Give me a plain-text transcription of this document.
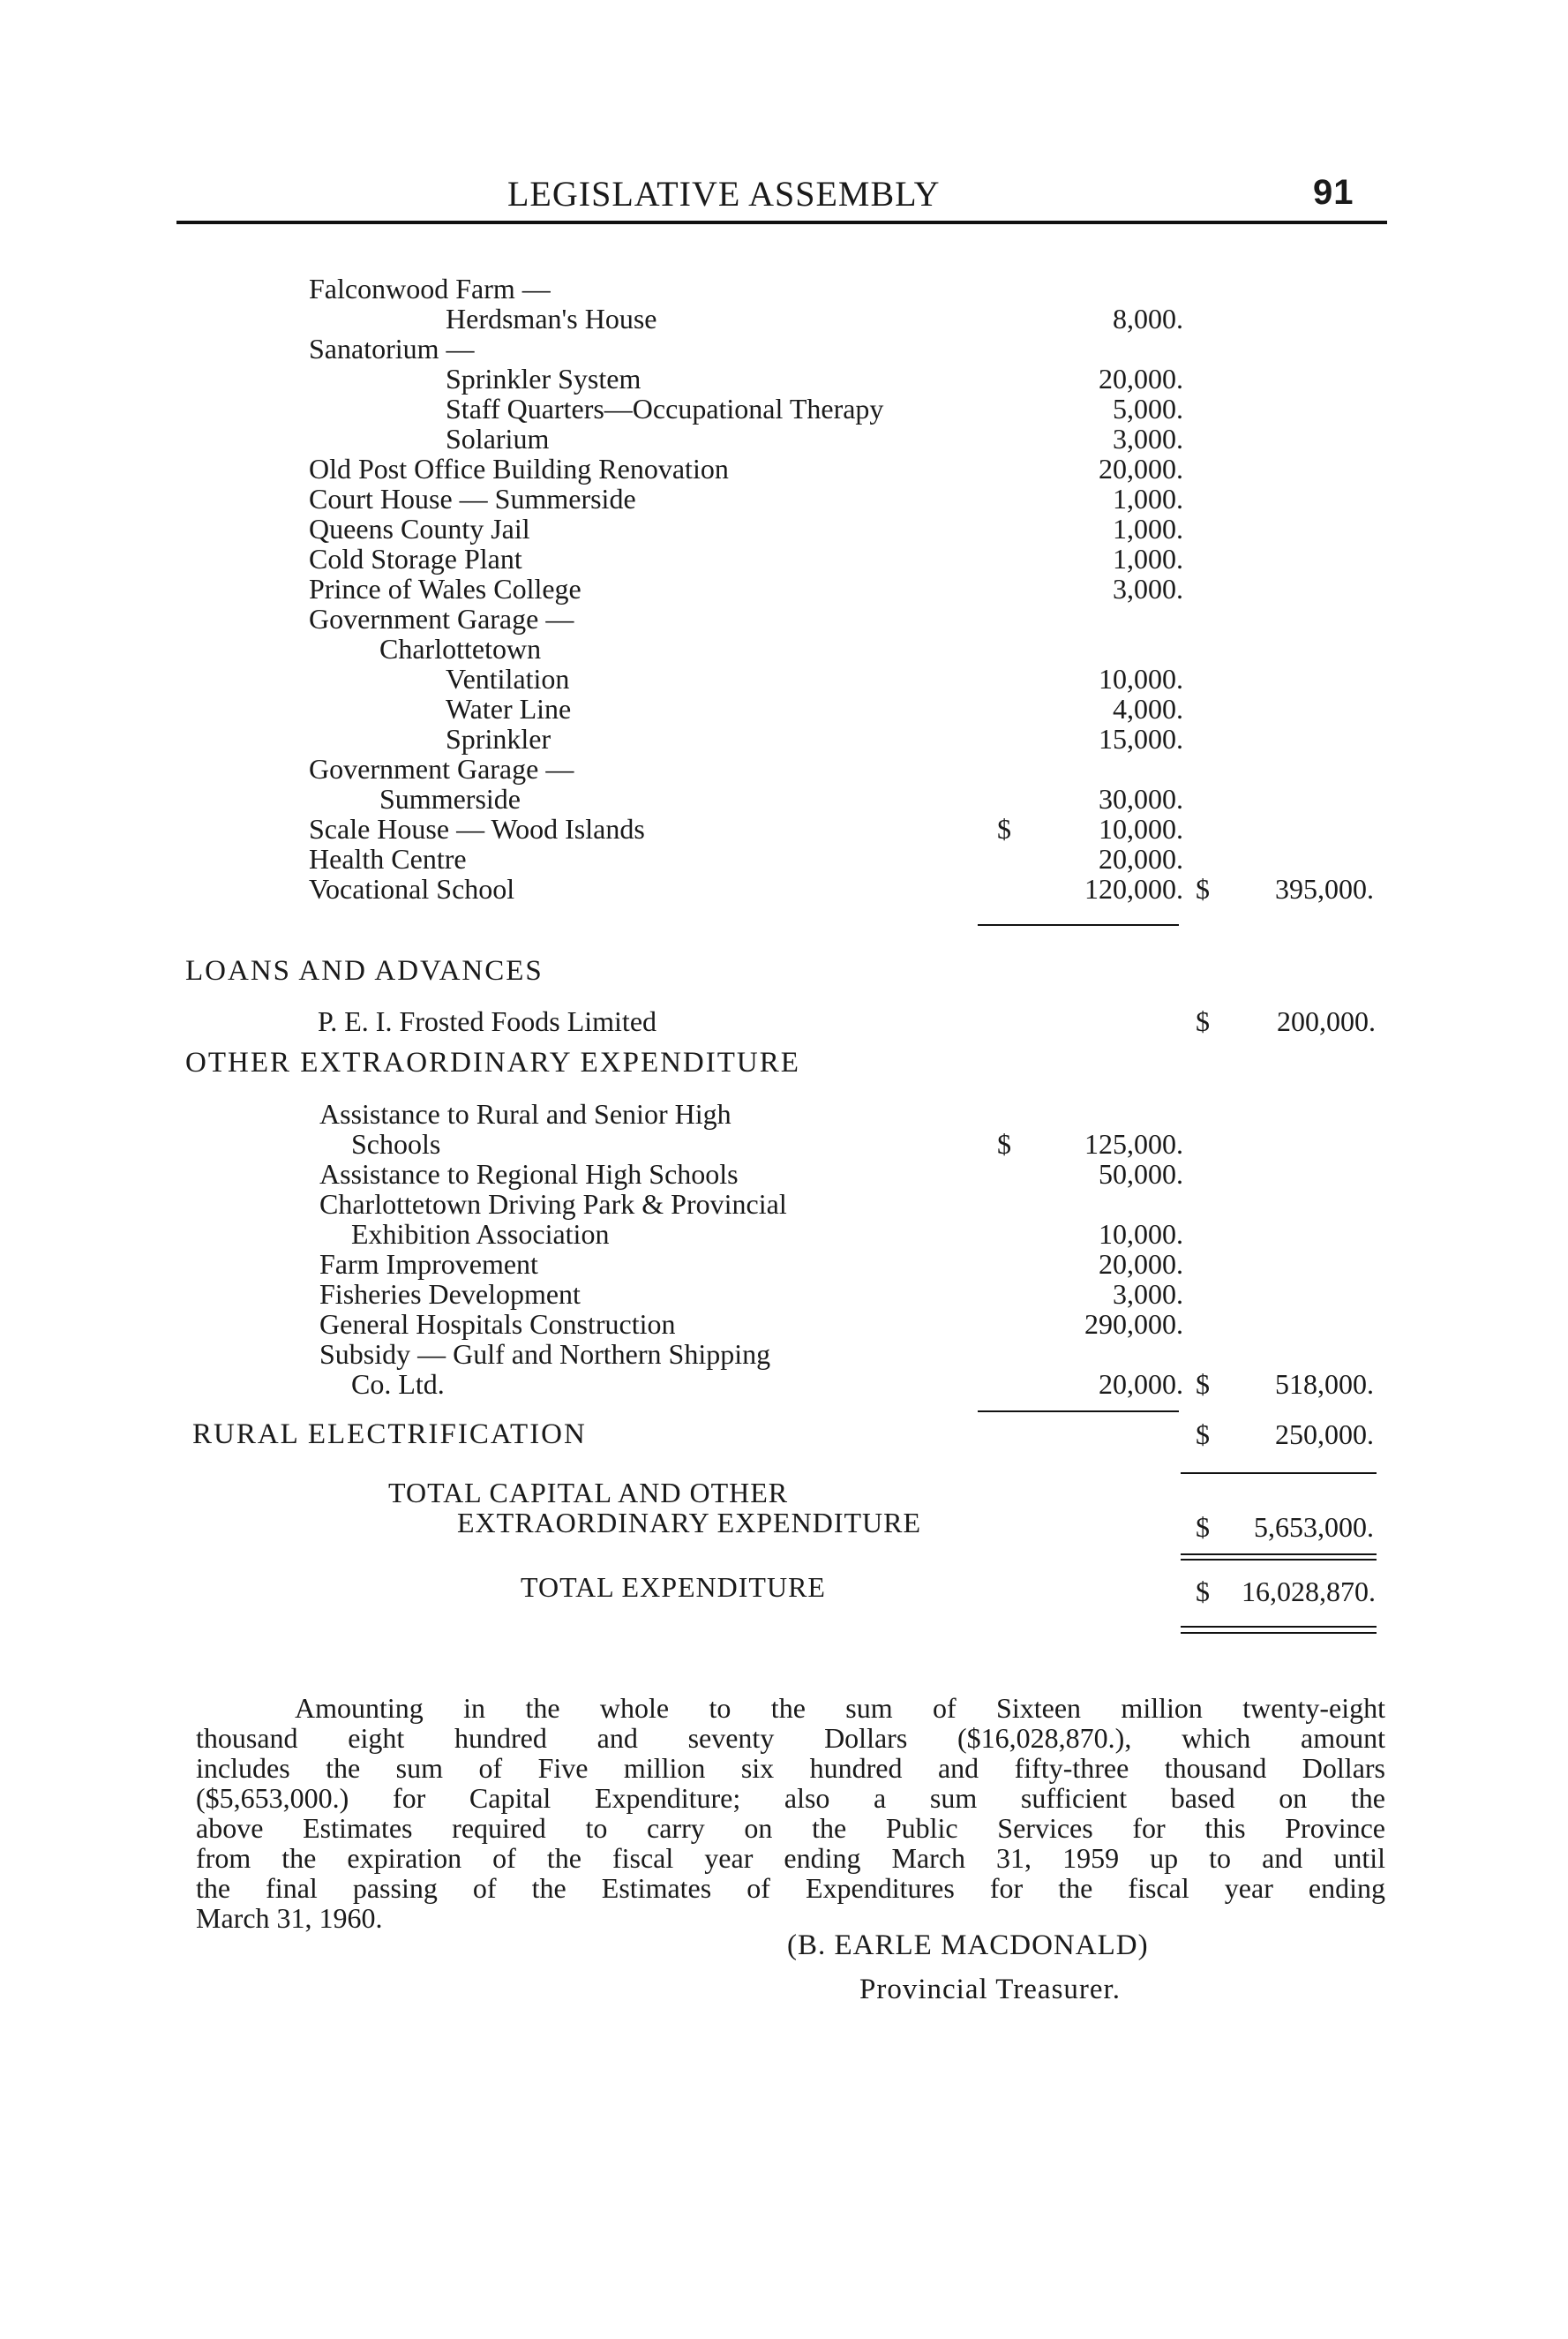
LEGISLATIVE ASSEMBLY	91
Falconwood Farm —
Herdsman's House	8,000.
Sanatorium —
Sprinkler System	20,000.
Staff Quarters—Occupational Therapy	5,000.
Solarium	3,000.
Old Post Office Building Renovation	20,000.
Court House — Summerside	1,000.
Queens County Jail	1,000.
Cold Storage Plant	1,000.
Prince of Wales College	3,000.
Government Garage —
Charlottetown
Ventilation	10,000.
Water Line	4,000.
Sprinkler	15,000.
Government Garage —
Summerside	30,000.
Scale House — Wood Islands	$	10,000.
Health Centre	20,000.
Vocational School	120,000. $ 395,000.
LOANS AND ADVANCES
P. E. I. Frosted Foods Limited	$ 200,000.
OTHER EXTRAORDINARY EXPENDITURE
Assistance to Rural and Senior High
Schools	$	125,000.
Assistance to Regional High Schools	50,000.
Charlottetown Driving Park & Provincial
Exhibition Association	10,000.
Farm Improvement	20,000.
Fisheries Development	3,000.
General Hospitals Construction	290,000.
Subsidy — Gulf and Northern Shipping
Co. Ltd.	20,000. $ 518,000.
RURAL ELECTRIFICATION	$ 250,000.
TOTAL CAPITAL AND OTHER
EXTRAORDINARY EXPENDITURE	$ 5,653,000.
TOTAL EXPENDITURE	$ 16,028,870.
Amounting in the whole to the sum of Sixteen million twenty-eight
thousand eight hundred and seventy Dollars ($16,028,870.), which amount
includes the sum of Five million six hundred and fifty-three thousand Dollars
($5,653,000.) for Capital Expenditure; also a sum sufficient based on the
above Estimates required to carry on the Public Services for this Province
from the expiration of the fiscal year ending March 31, 1959 up to and until
the final passing of the Estimates of Expenditures for the fiscal year ending
March 31, 1960.
(B. EARLE MACDONALD)
Provincial Treasurer.
